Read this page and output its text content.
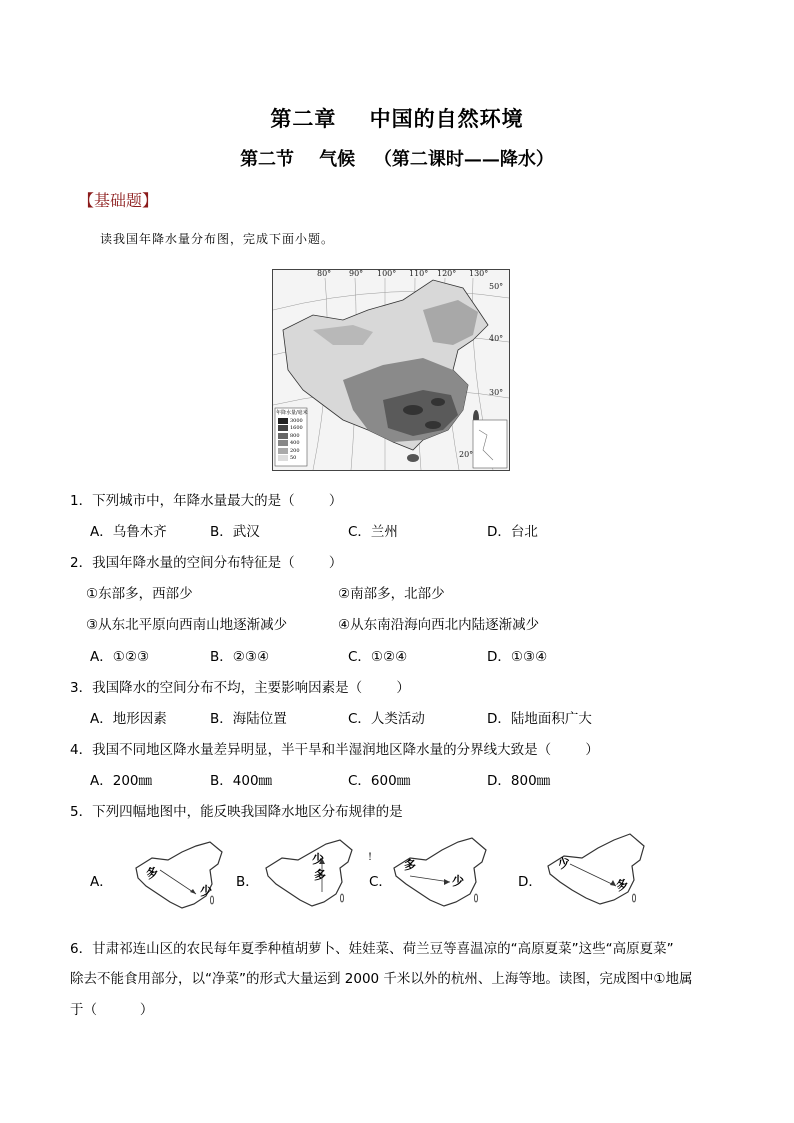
第二章    中国的自然环境
第二节    气候   （第二课时——降水）
【基础题】
读我国年降水量分布图，完成下面小题。
80° 90° 100° 110° 120° 130°
50°
40°
30°
20°
年降水量/毫米
3000
1600
800
400
200
50
1．下列城市中，年降水量最大的是（        ）
A．乌鲁木齐	B．武汉	C．兰州	D．台北
2．我国年降水量的空间分布特征是（        ）
①东部多，西部少	②南部多，北部少
③从东北平原向西南山地逐渐减少	④从东南沿海向西北内陆逐渐减少
A．①②③	B．②③④	C．①②④	D．①③④
3．我国降水的空间分布不均，主要影响因素是（        ）
A．地形因素	B．海陆位置	C．人类活动	D．陆地面积广大
4．我国不同地区降水量差异明显，半干旱和半湿润地区降水量的分界线大致是（        ）
A．200㎜	B．400㎜	C．600㎜	D．800㎜
5．下列四幅地图中，能反映我国降水地区分布规律的是
A．	B．	C．	D．
多
少
多
少	!
多
少
少
多
6．甘肃祁连山区的农民每年夏季种植胡萝卜、娃娃菜、荷兰豆等喜温凉的“高原夏菜”这些“高原夏菜”
除去不能食用部分，以“净菜”的形式大量运到 2000 千米以外的杭州、上海等地。读图，完成图中①地属
于（          ）
